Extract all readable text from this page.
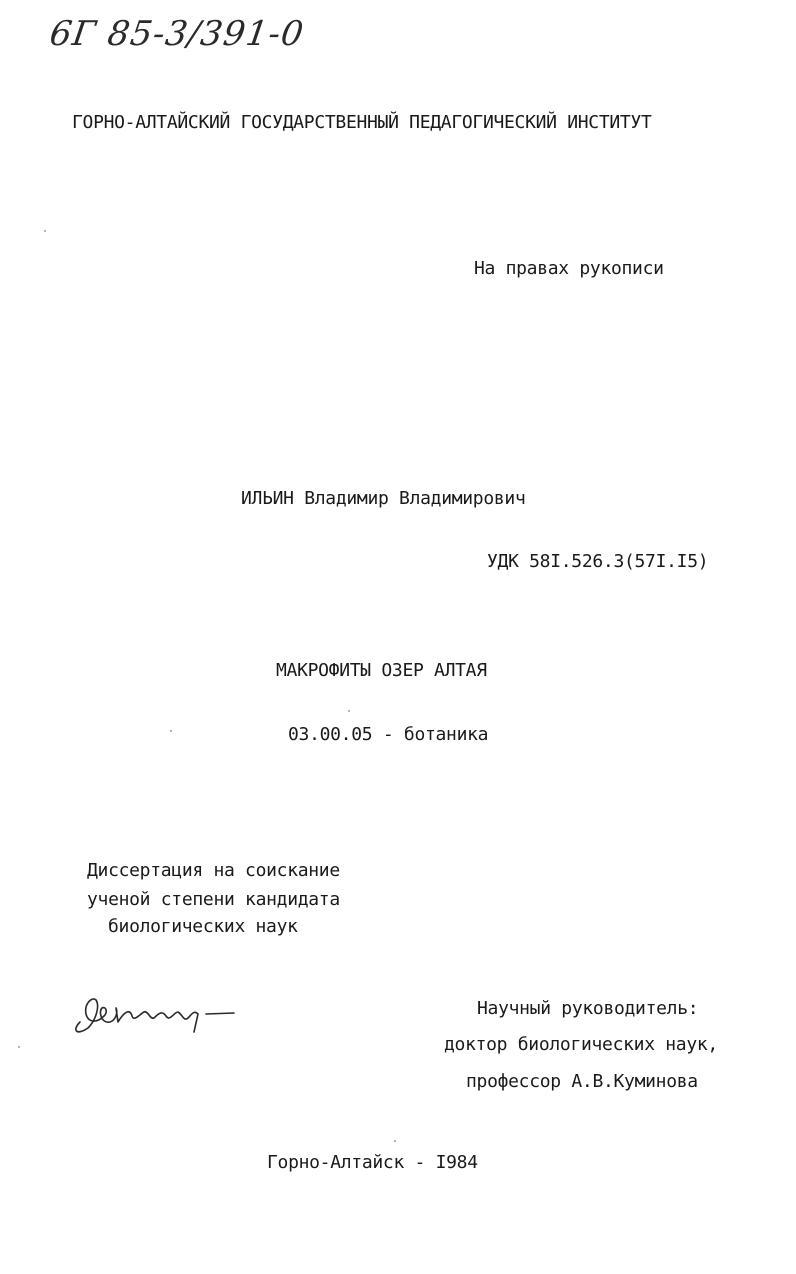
6Г 85-3/391-0
ГОРНО-АЛТАЙСКИЙ ГОСУДАРСТВЕННЫЙ ПЕДАГОГИЧЕСКИЙ ИНСТИТУТ
На правах рукописи
ИЛЬИН Владимир Владимирович
УДК 58I.526.3(57I.I5)
МАКРОФИТЫ ОЗЕР АЛТАЯ
03.00.05 - ботаника
Диссертация на соискание
ученой степени кандидата
биологических наук
Научный руководитель:
доктор биологических наук,
профессор А.В.Куминова
Горно-Алтайск - I984
